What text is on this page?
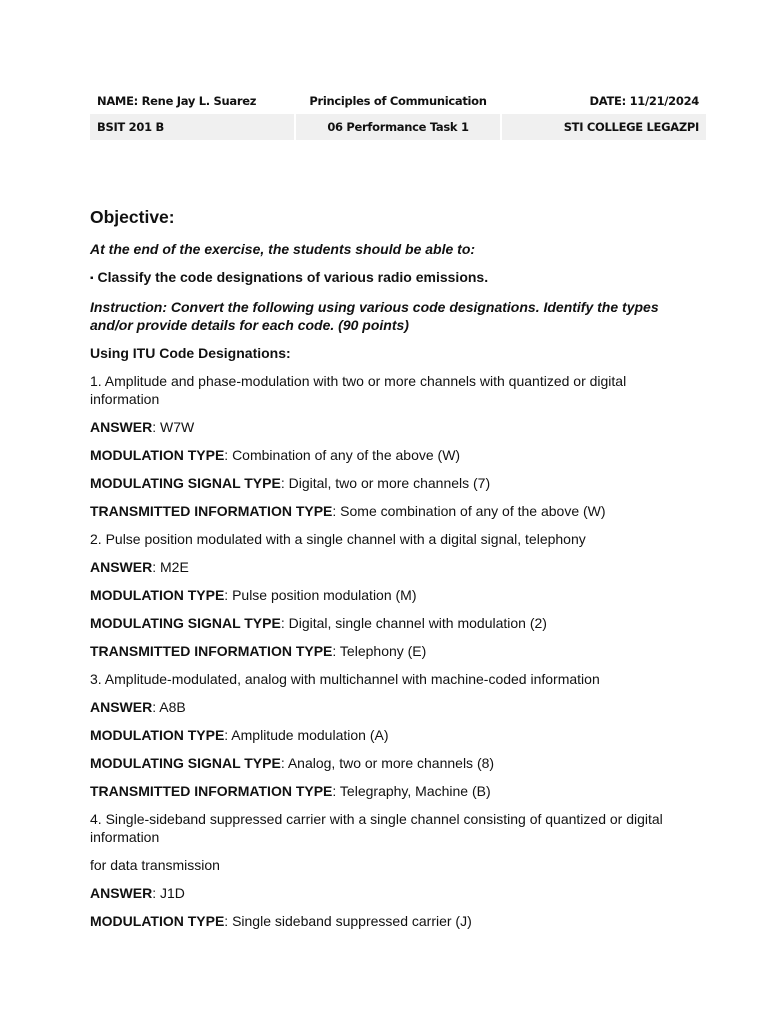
NAME: Rene Jay L. Suarez	Principles of Communication	DATE: 11/21/2024
BSIT 201 B	06 Performance Task 1	STI COLLEGE LEGAZPI
Objective:

At the end of the exercise, the students should be able to:

▪ Classify the code designations of various radio emissions.

Instruction: Convert the following using various code designations. Identify the types and/or provide details for each code. (90 points)

Using ITU Code Designations:

1. Amplitude and phase-modulation with two or more channels with quantized or digital information

ANSWER: W7W

MODULATION TYPE: Combination of any of the above (W)

MODULATING SIGNAL TYPE: Digital, two or more channels (7)

TRANSMITTED INFORMATION TYPE: Some combination of any of the above (W)

2. Pulse position modulated with a single channel with a digital signal, telephony

ANSWER: M2E

MODULATION TYPE: Pulse position modulation (M)

MODULATING SIGNAL TYPE: Digital, single channel with modulation (2)

TRANSMITTED INFORMATION TYPE: Telephony (E)

3. Amplitude-modulated, analog with multichannel with machine-coded information

ANSWER: A8B

MODULATION TYPE: Amplitude modulation (A)

MODULATING SIGNAL TYPE: Analog, two or more channels (8)

TRANSMITTED INFORMATION TYPE: Telegraphy, Machine (B)

4. Single-sideband suppressed carrier with a single channel consisting of quantized or digital information

for data transmission

ANSWER: J1D

MODULATION TYPE: Single sideband suppressed carrier (J)
